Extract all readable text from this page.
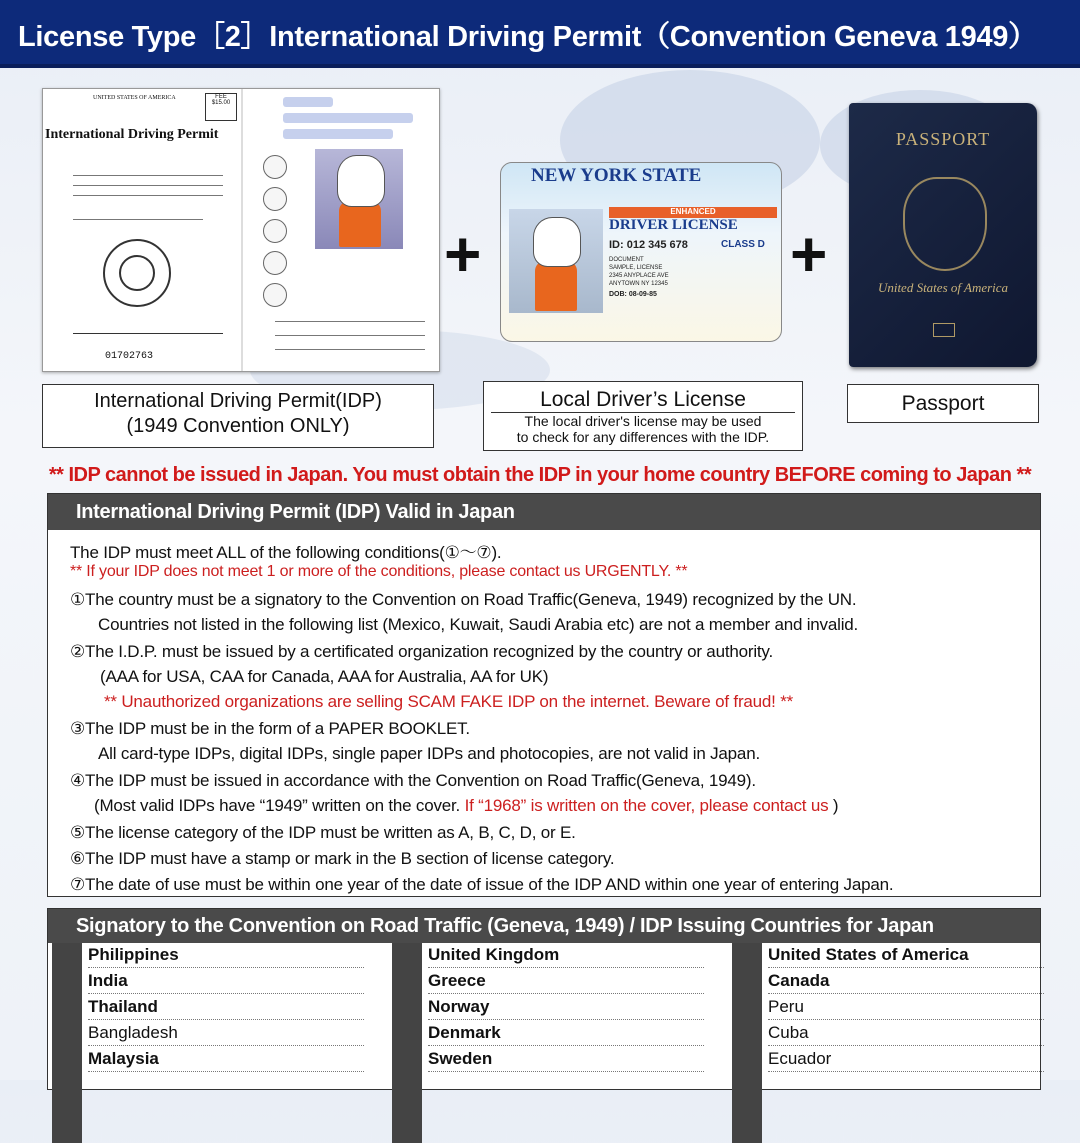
License Type［2］International Driving Permit（Convention Geneva 1949）
UNITED STATES OF AMERICA	FEE $15.00
International Driving Permit
01702763
+
NEW YORK STATE
ENHANCED
DRIVER LICENSE
ID: 012 345 678	CLASS D
DOCUMENT
SAMPLE, LICENSE
2345 ANYPLACE AVE
ANYTOWN NY 12345
DOB: 08-09-85
+
PASSPORT
United States of America
International Driving Permit(IDP)
(1949 Convention ONLY)
Local Driver’s License
The local driver's license may be used
to check for any differences with the IDP.
Passport
** IDP cannot be issued in Japan. You must obtain the IDP in your home country BEFORE coming to Japan **
International Driving Permit (IDP) Valid in Japan
The IDP must meet ALL of the following conditions(①～⑦).
** If your IDP does not meet 1 or more of the conditions, please contact us URGENTLY. **
①The country must be a signatory to the Convention on Road Traffic(Geneva, 1949) recognized by the UN.
Countries not listed in the following list (Mexico, Kuwait, Saudi Arabia etc) are not a member and invalid.
②The I.D.P. must be issued by a certificated organization recognized by the country or authority.
(AAA for USA, CAA for Canada, AAA for Australia, AA for UK)
** Unauthorized organizations are selling SCAM FAKE IDP on the internet. Beware of fraud! **
③The IDP must be in the form of a PAPER BOOKLET.
All card-type IDPs, digital IDPs, single paper IDPs and photocopies, are not valid in Japan.
④The IDP must be issued in accordance with the Convention on Road Traffic(Geneva, 1949).
(Most valid IDPs have “1949” written on the cover. If “1968” is written on the cover, please contact us )
⑤The license category of the IDP must be written as A, B, C, D, or E.
⑥The IDP must have a stamp or mark in the B section of license category.
⑦The date of use must be within one year of the date of issue of the IDP AND within one year of entering Japan.
Signatory to the Convention on Road Traffic (Geneva, 1949) / IDP Issuing Countries for Japan
Philippines
India
Thailand
Bangladesh
Malaysia
United Kingdom
Greece
Norway
Denmark
Sweden
United States of America
Canada
Peru
Cuba
Ecuador
